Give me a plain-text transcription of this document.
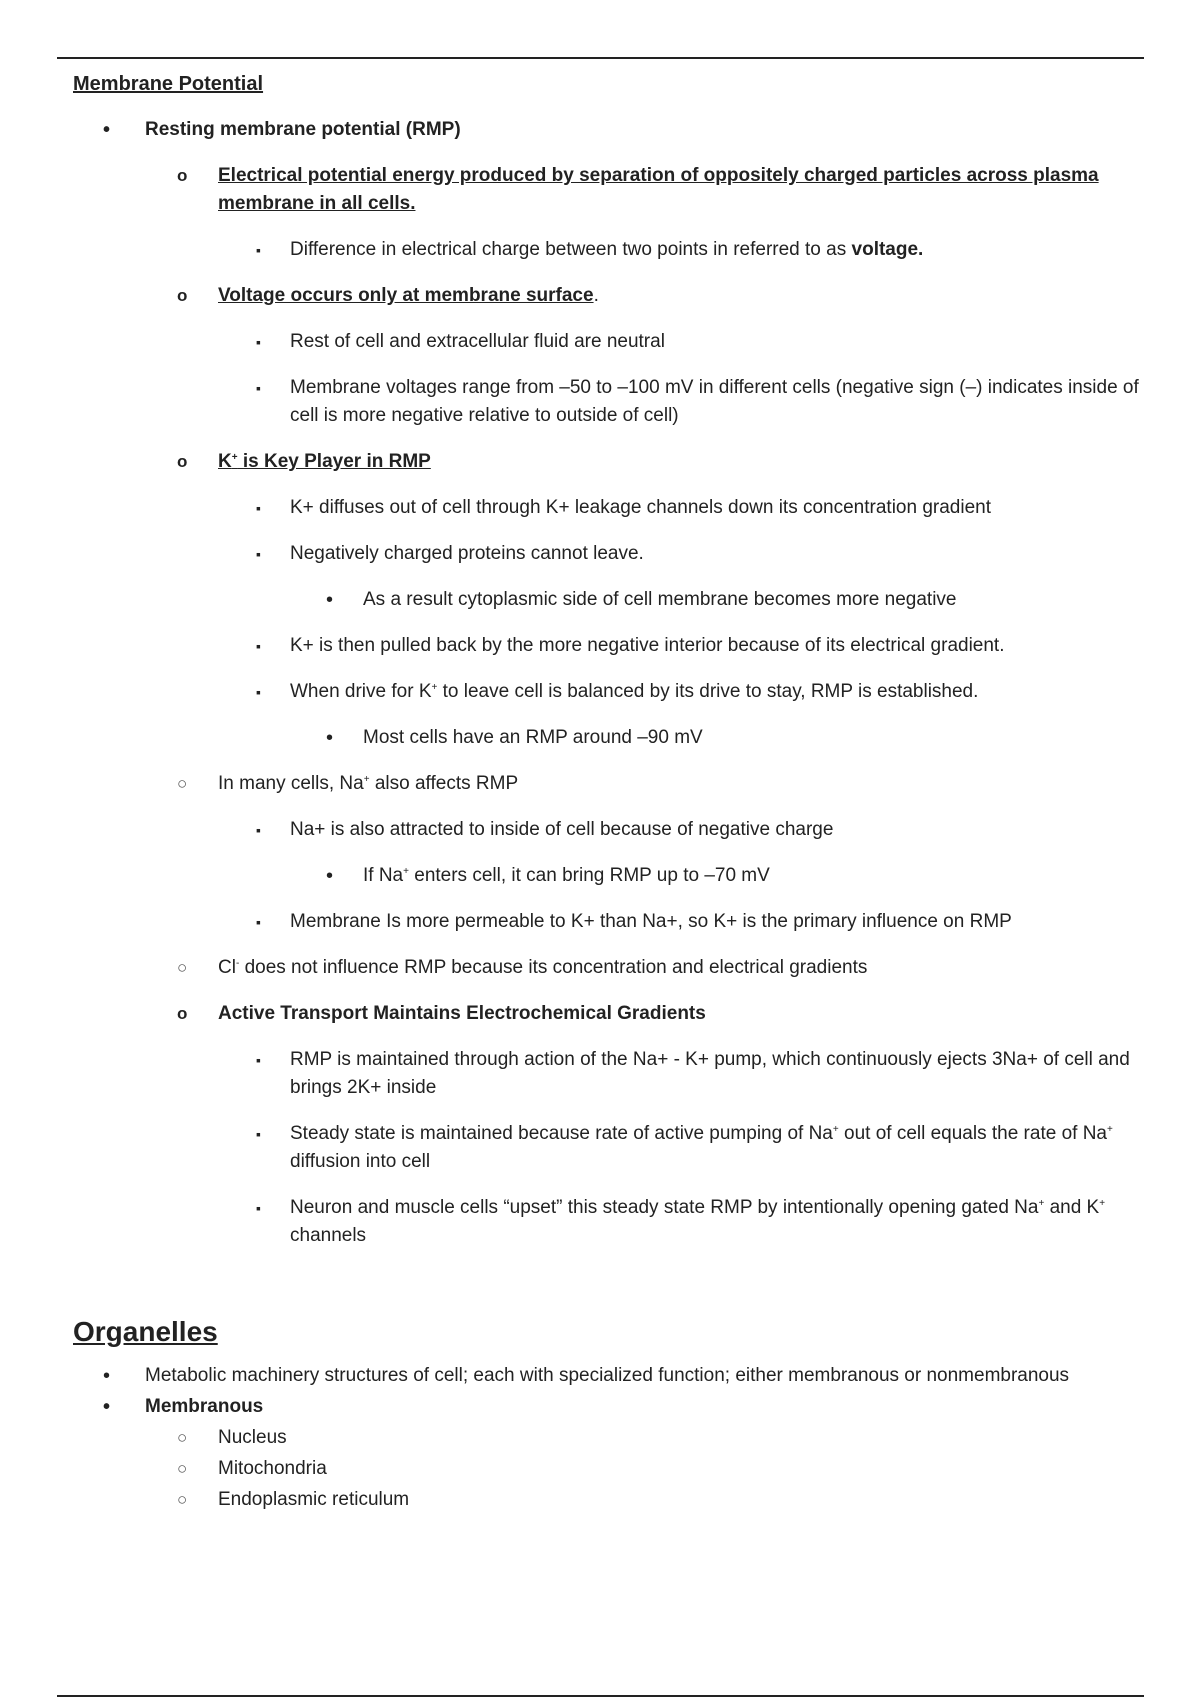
Membrane Potential
• Resting membrane potential (RMP)
o Electrical potential energy produced by separation of oppositely charged particles across plasma membrane in all cells.
▪ Difference in electrical charge between two points in referred to as voltage.
o Voltage occurs only at membrane surface.
▪ Rest of cell and extracellular fluid are neutral
▪ Membrane voltages range from –50 to –100 mV in different cells (negative sign (–) indicates inside of cell is more negative relative to outside of cell)
o K+ is Key Player in RMP
▪ K+ diffuses out of cell through K+ leakage channels down its concentration gradient
▪ Negatively charged proteins cannot leave.
• As a result cytoplasmic side of cell membrane becomes more negative
▪ K+ is then pulled back by the more negative interior because of its electrical gradient.
▪ When drive for K+ to leave cell is balanced by its drive to stay, RMP is established.
• Most cells have an RMP around –90 mV
○ In many cells, Na+ also affects RMP
▪ Na+ is also attracted to inside of cell because of negative charge
• If Na+ enters cell, it can bring RMP up to –70 mV
▪ Membrane Is more permeable to K+ than Na+, so K+ is the primary influence on RMP
○ Cl- does not influence RMP because its concentration and electrical gradients
o Active Transport Maintains Electrochemical Gradients
▪ RMP is maintained through action of the Na+ - K+ pump, which continuously ejects 3Na+ of cell and brings 2K+ inside
▪ Steady state is maintained because rate of active pumping of Na+ out of cell equals the rate of Na+ diffusion into cell
▪ Neuron and muscle cells “upset” this steady state RMP by intentionally opening gated Na+ and K+ channels
Organelles
• Metabolic machinery structures of cell; each with specialized function; either membranous or nonmembranous
• Membranous
○ Nucleus
○ Mitochondria
○ Endoplasmic reticulum
